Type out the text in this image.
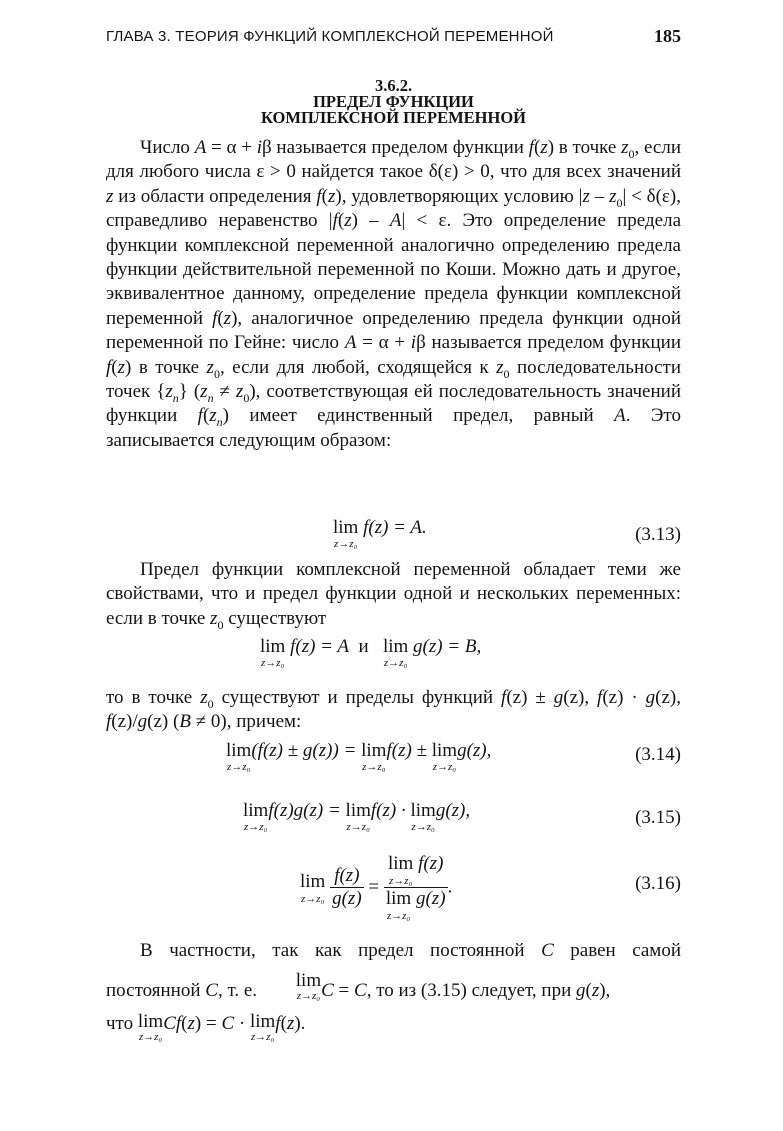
ГЛАВА 3. ТЕОРИЯ ФУНКЦИЙ КОМПЛЕКСНОЙ ПЕРЕМЕННОЙ	185
3.6.2.
ПРЕДЕЛ ФУНКЦИИ
КОМПЛЕКСНОЙ ПЕРЕМЕННОЙ

Число A = α + iβ называется пределом функции f(z) в точке $z_0$, если для любого числа ε > 0 найдется такое δ(ε) > 0, что для всех значений z из области определения f(z), удовлетворяющих условию $|z - z_0| < \delta(\varepsilon)$, справедливо неравенство |f(z) – A| < ε. Это определение предела функции комплексной переменной аналогично определению предела функции действительной переменной по Коши. Можно дать и другое, эквивалентное данному, определение предела функции комплексной переменной f(z), аналогичное определению предела функции одной переменной по Гейне: число A = α + iβ называется пределом функции f(z) в точке $z_0$, если для любой, сходящейся к $z_0$ последовательности точек $\{z_n\} (z_n \ne z_0)$, соответствующая ей последовательность значений функции $f(z_n)$ имеет единственный предел, равный A. Это записывается следующим образом:

lim
z→z₀
f(z) = A.	(3.13)

Предел функции комплексной переменной обладает теми же свойствами, что и предел функции одной и нескольких переменных: если в точке $z_0$ существуют

lim
z→z₀
f(z) = A и lim
z→z₀
g(z) = B,

то в точке $z_0$ существуют и пределы функций f(z) ± g(z), f(z) · g(z), f(z)/g(z) (B ≠ 0), причем:

lim
z→z₀
(f(z) ± g(z)) = lim
z→z₀
f(z) ± lim
z→z₀
g(z),	(3.14)
lim
z→z₀
f(z)g(z) = lim
z→z₀
f(z) · lim
z→z₀
g(z),	(3.15)
lim
z→z₀
$\frac{f(z)}{g(z)} = \lim$
z→z₀
f(z)
lim
z→z₀
g(z) .	(3.16)

В частности, так как предел постоянной C равен самой постоянной C, т. е. lim
z→z₀ C = C, то из (3.15) следует, при g(z),

что lim
z→z₀
Cf(z) = C · lim
z→z₀
f(z).
